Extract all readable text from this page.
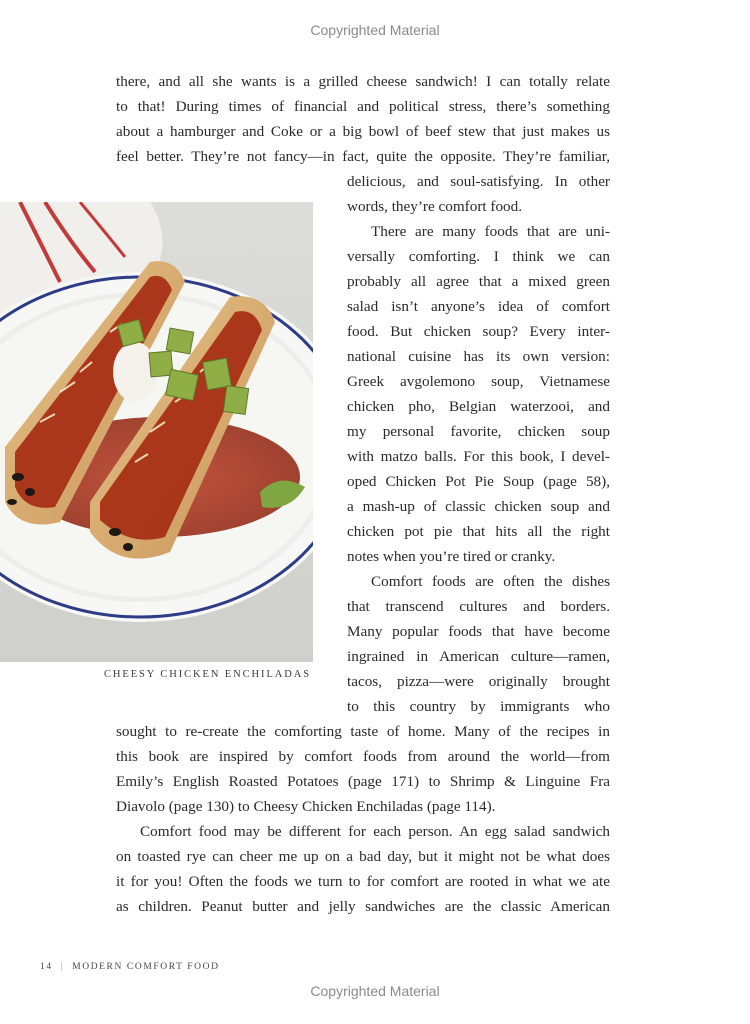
Copyrighted Material
there, and all she wants is a grilled cheese sandwich! I can totally relate
to that! During times of financial and political stress, there’s something
about a hamburger and Coke or a big bowl of beef stew that just makes us
feel better. They’re not fancy—in fact, quite the opposite. They’re familiar,
delicious, and soul-satisfying. In other
words, they’re comfort food.
There are many foods that are uni-
versally comforting. I think we can
probably all agree that a mixed green
salad isn’t anyone’s idea of comfort
food. But chicken soup? Every inter-
national cuisine has its own version:
Greek avgolemono soup, Vietnamese
chicken pho, Belgian waterzooi, and
my personal favorite, chicken soup
with matzo balls. For this book, I devel-
oped Chicken Pot Pie Soup (page 58),
a mash-up of classic chicken soup and
chicken pot pie that hits all the right
notes when you’re tired or cranky.
Comfort foods are often the dishes
that transcend cultures and borders.
Many popular foods that have become
ingrained in American culture—ramen,
tacos, pizza—were originally brought
to this country by immigrants who
sought to re-create the comforting taste of home. Many of the recipes in
this book are inspired by comfort foods from around the world—from
Emily’s English Roasted Potatoes (page 171) to Shrimp & Linguine Fra
Diavolo (page 130) to Cheesy Chicken Enchiladas (page 114).
Comfort food may be different for each person. An egg salad sandwich
on toasted rye can cheer me up on a bad day, but it might not be what does
it for you! Often the foods we turn to for comfort are rooted in what we ate
as children. Peanut butter and jelly sandwiches are the classic American
CHEESY CHICKEN ENCHILADAS
14 | MODERN COMFORT FOOD
Copyrighted Material
